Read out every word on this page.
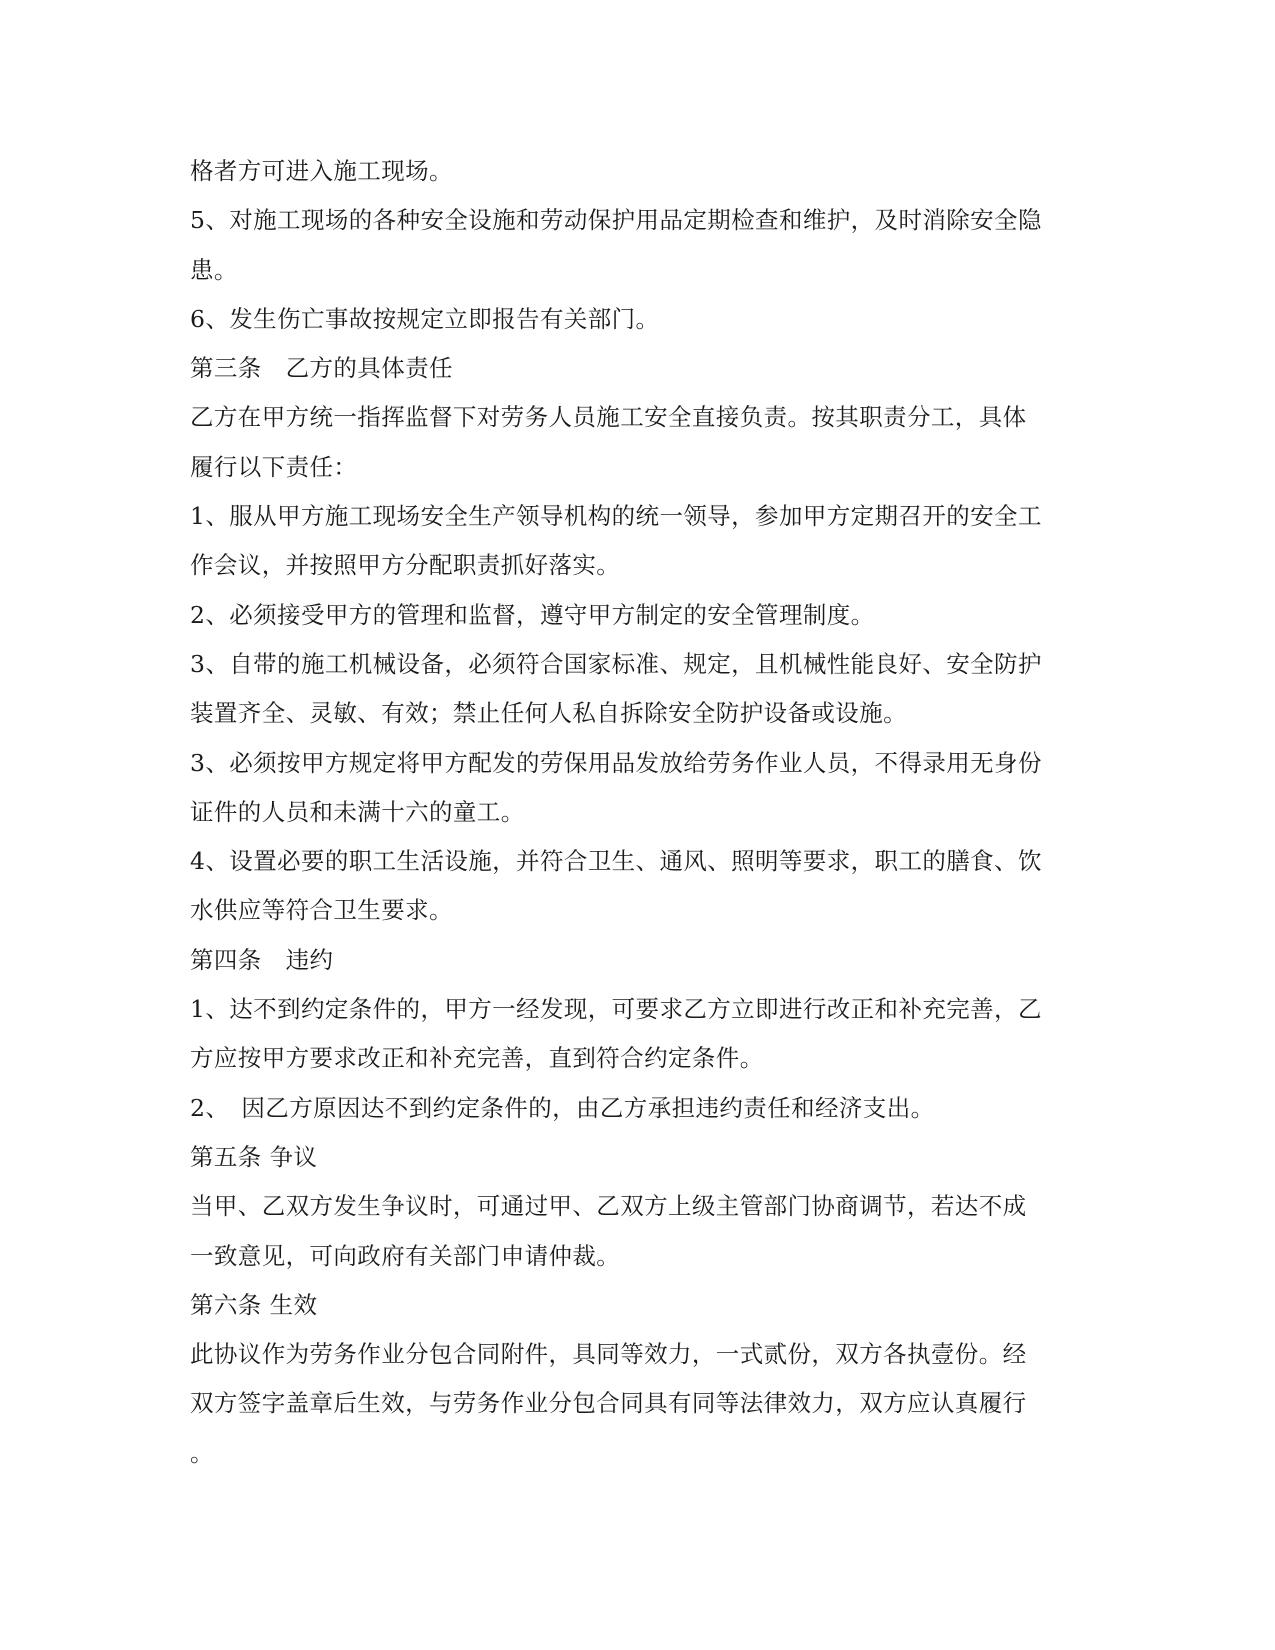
格者方可进入施工现场。
5、对施工现场的各种安全设施和劳动保护用品定期检查和维护，及时消除安全隐
患。
6、发生伤亡事故按规定立即报告有关部门。
第三条　乙方的具体责任
乙方在甲方统一指挥监督下对劳务人员施工安全直接负责。按其职责分工，具体
履行以下责任：
1、服从甲方施工现场安全生产领导机构的统一领导，参加甲方定期召开的安全工
作会议，并按照甲方分配职责抓好落实。
2、必须接受甲方的管理和监督，遵守甲方制定的安全管理制度。
3、自带的施工机械设备，必须符合国家标准、规定，且机械性能良好、安全防护
装置齐全、灵敏、有效；禁止任何人私自拆除安全防护设备或设施。
3、必须按甲方规定将甲方配发的劳保用品发放给劳务作业人员，不得录用无身份
证件的人员和未满十六的童工。
4、设置必要的职工生活设施，并符合卫生、通风、照明等要求，职工的膳食、饮
水供应等符合卫生要求。
第四条　违约
1、达不到约定条件的，甲方一经发现，可要求乙方立即进行改正和补充完善，乙
方应按甲方要求改正和补充完善，直到符合约定条件。
2、　因乙方原因达不到约定条件的，由乙方承担违约责任和经济支出。
第五条 争议
当甲、乙双方发生争议时，可通过甲、乙双方上级主管部门协商调节，若达不成
一致意见，可向政府有关部门申请仲裁。
第六条 生效
此协议作为劳务作业分包合同附件，具同等效力，一式贰份，双方各执壹份。经
双方签字盖章后生效，与劳务作业分包合同具有同等法律效力，双方应认真履行
。
